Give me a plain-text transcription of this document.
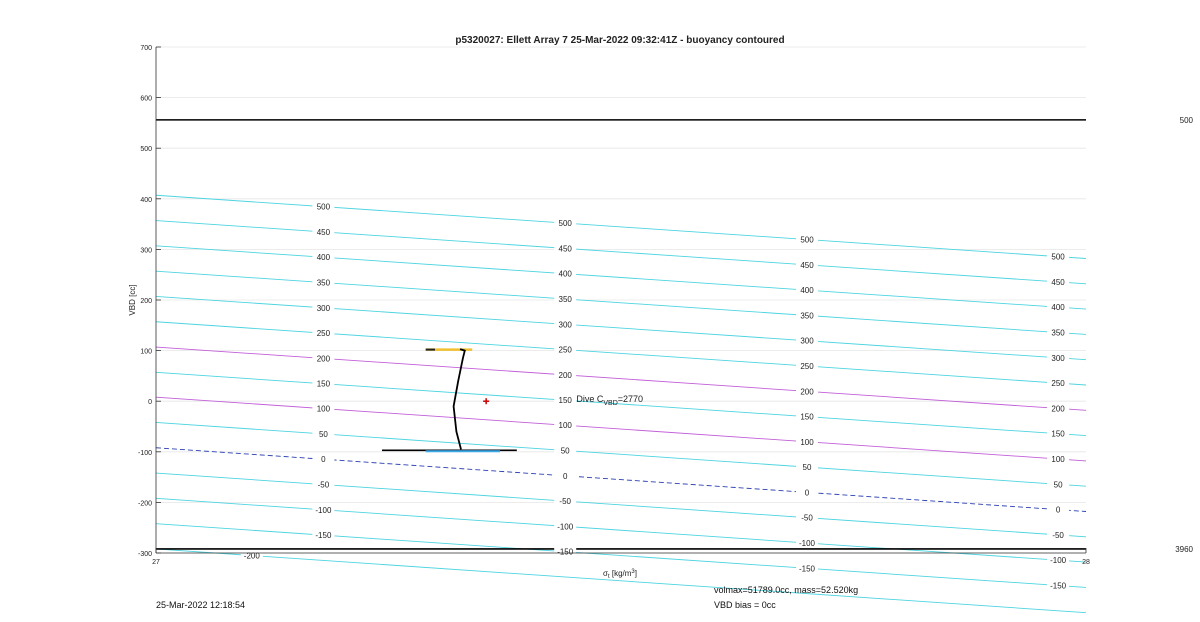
500
3960
500
450
400
350
300
250
200
150
100
50
0
-50
-100
-150
-200
500
450
400
350
300
250
200
150
100
50
0
-50
-100
-150
500
450
400
350
300
250
200
150
100
50
0
-50
-100
-150
500
450
400
350
300
250
200
150
100
50
0
-50
-100
-150
700
600
500
400
300
200
100
0
-100
-200
-300
27	28
p5320027: Ellett Array 7 25-Mar-2022 09:32:41Z - buoyancy contoured
$\sigma_t$ $[kg/m^3]$
VBD [cc]
Dive $C_{VBD}=2770$
25-Mar-2022 12:18:54
volmax=51789.0cc, mass=52.520kg
VBD bias = 0cc
